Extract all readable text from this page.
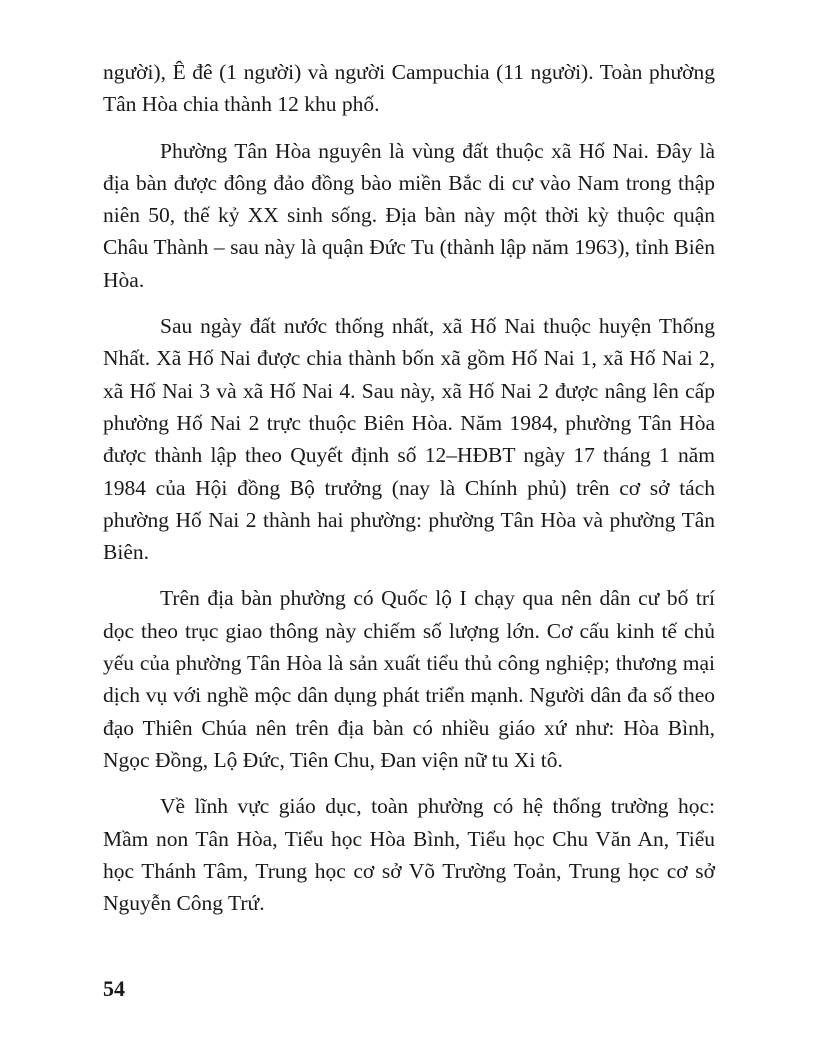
người), Ê đê (1 người) và người Campuchia (11 người). Toàn phường Tân Hòa chia thành 12 khu phố.

Phường Tân Hòa nguyên là vùng đất thuộc xã Hố Nai. Đây là địa bàn được đông đảo đồng bào miền Bắc di cư vào Nam trong thập niên 50, thế kỷ XX sinh sống. Địa bàn này một thời kỳ thuộc quận Châu Thành – sau này là quận Đức Tu (thành lập năm 1963), tỉnh Biên Hòa.

Sau ngày đất nước thống nhất, xã Hố Nai thuộc huyện Thống Nhất. Xã Hố Nai được chia thành bốn xã gồm Hố Nai 1, xã Hố Nai 2, xã Hố Nai 3 và xã Hố Nai 4. Sau này, xã Hố Nai 2 được nâng lên cấp phường Hố Nai 2 trực thuộc Biên Hòa. Năm 1984, phường Tân Hòa được thành lập theo Quyết định số 12–HĐBT ngày 17 tháng 1 năm 1984 của Hội đồng Bộ trưởng (nay là Chính phủ) trên cơ sở tách phường Hố Nai 2 thành hai phường: phường Tân Hòa và phường Tân Biên.

Trên địa bàn phường có Quốc lộ I chạy qua nên dân cư bố trí dọc theo trục giao thông này chiếm số lượng lớn. Cơ cấu kinh tế chủ yếu của phường Tân Hòa là sản xuất tiểu thủ công nghiệp; thương mại dịch vụ với nghề mộc dân dụng phát triển mạnh. Người dân đa số theo đạo Thiên Chúa nên trên địa bàn có nhiều giáo xứ như: Hòa Bình, Ngọc Đồng, Lộ Đức, Tiên Chu, Đan viện nữ tu Xi tô.

Về lĩnh vực giáo dục, toàn phường có hệ thống trường học: Mầm non Tân Hòa, Tiểu học Hòa Bình, Tiểu học Chu Văn An, Tiểu học Thánh Tâm, Trung học cơ sở Võ Trường Toản, Trung học cơ sở Nguyễn Công Trứ.

54
